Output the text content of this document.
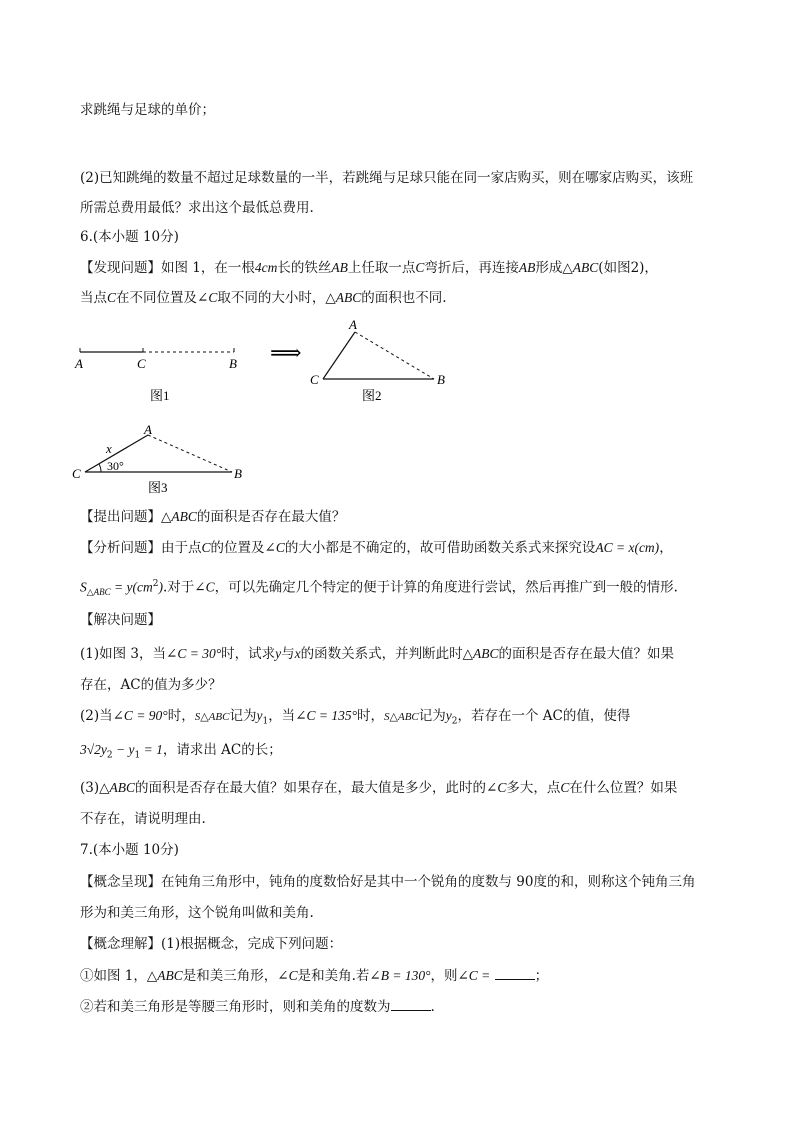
求跳绳与足球的单价；
(2)已知跳绳的数量不超过足球数量的一半，若跳绳与足球只能在同一家店购买，则在哪家店购买，该班
所需总费用最低？求出这个最低总费用.
6.(本小题 10分)
【发现问题】如图 1，在一根4cm长的铁丝AB上任取一点C弯折后，再连接AB形成△ABC(如图2)，
当点C在不同位置及∠C取不同的大小时，△ABC的面积也不同.
A	C	B
图1
⟹
A
C	B
图2
A
C	B
x
30°
图3
【提出问题】△ABC的面积是否存在最大值？
【分析问题】由于点C的位置及∠C的大小都是不确定的，故可借助函数关系式来探究设AC = x(cm)，
$S_{\triangle ABC} = y(cm^2)$.对于∠C，可以先确定几个特定的便于计算的角度进行尝试，然后再推广到一般的情形.
【解决问题】
(1)如图 3，当∠C = 30°时，试求y与x的函数关系式，并判断此时△ABC的面积是否存在最大值？如果
存在，AC的值为多少？
(2)当∠C = 90°时，S△ABC记为$y_1$，当∠C = 135°时，S△ABC记为$y_2$，若存在一个 AC的值，使得
$3√2y_2 - y_1 = 1$，请求出 AC的长；
(3)△ABC的面积是否存在最大值？如果存在，最大值是多少，此时的∠C多大，点C在什么位置？如果
不存在，请说明理由.
7.(本小题 10分)
【概念呈现】在钝角三角形中，钝角的度数恰好是其中一个锐角的度数与 90度的和，则称这个钝角三角
形为和美三角形，这个锐角叫做和美角.
【概念理解】(1)根据概念，完成下列问题：
①如图 1，△ABC是和美三角形，∠C是和美角.若∠B = 130°，则∠C =	；
②若和美三角形是等腰三角形时，则和美角的度数为	.
